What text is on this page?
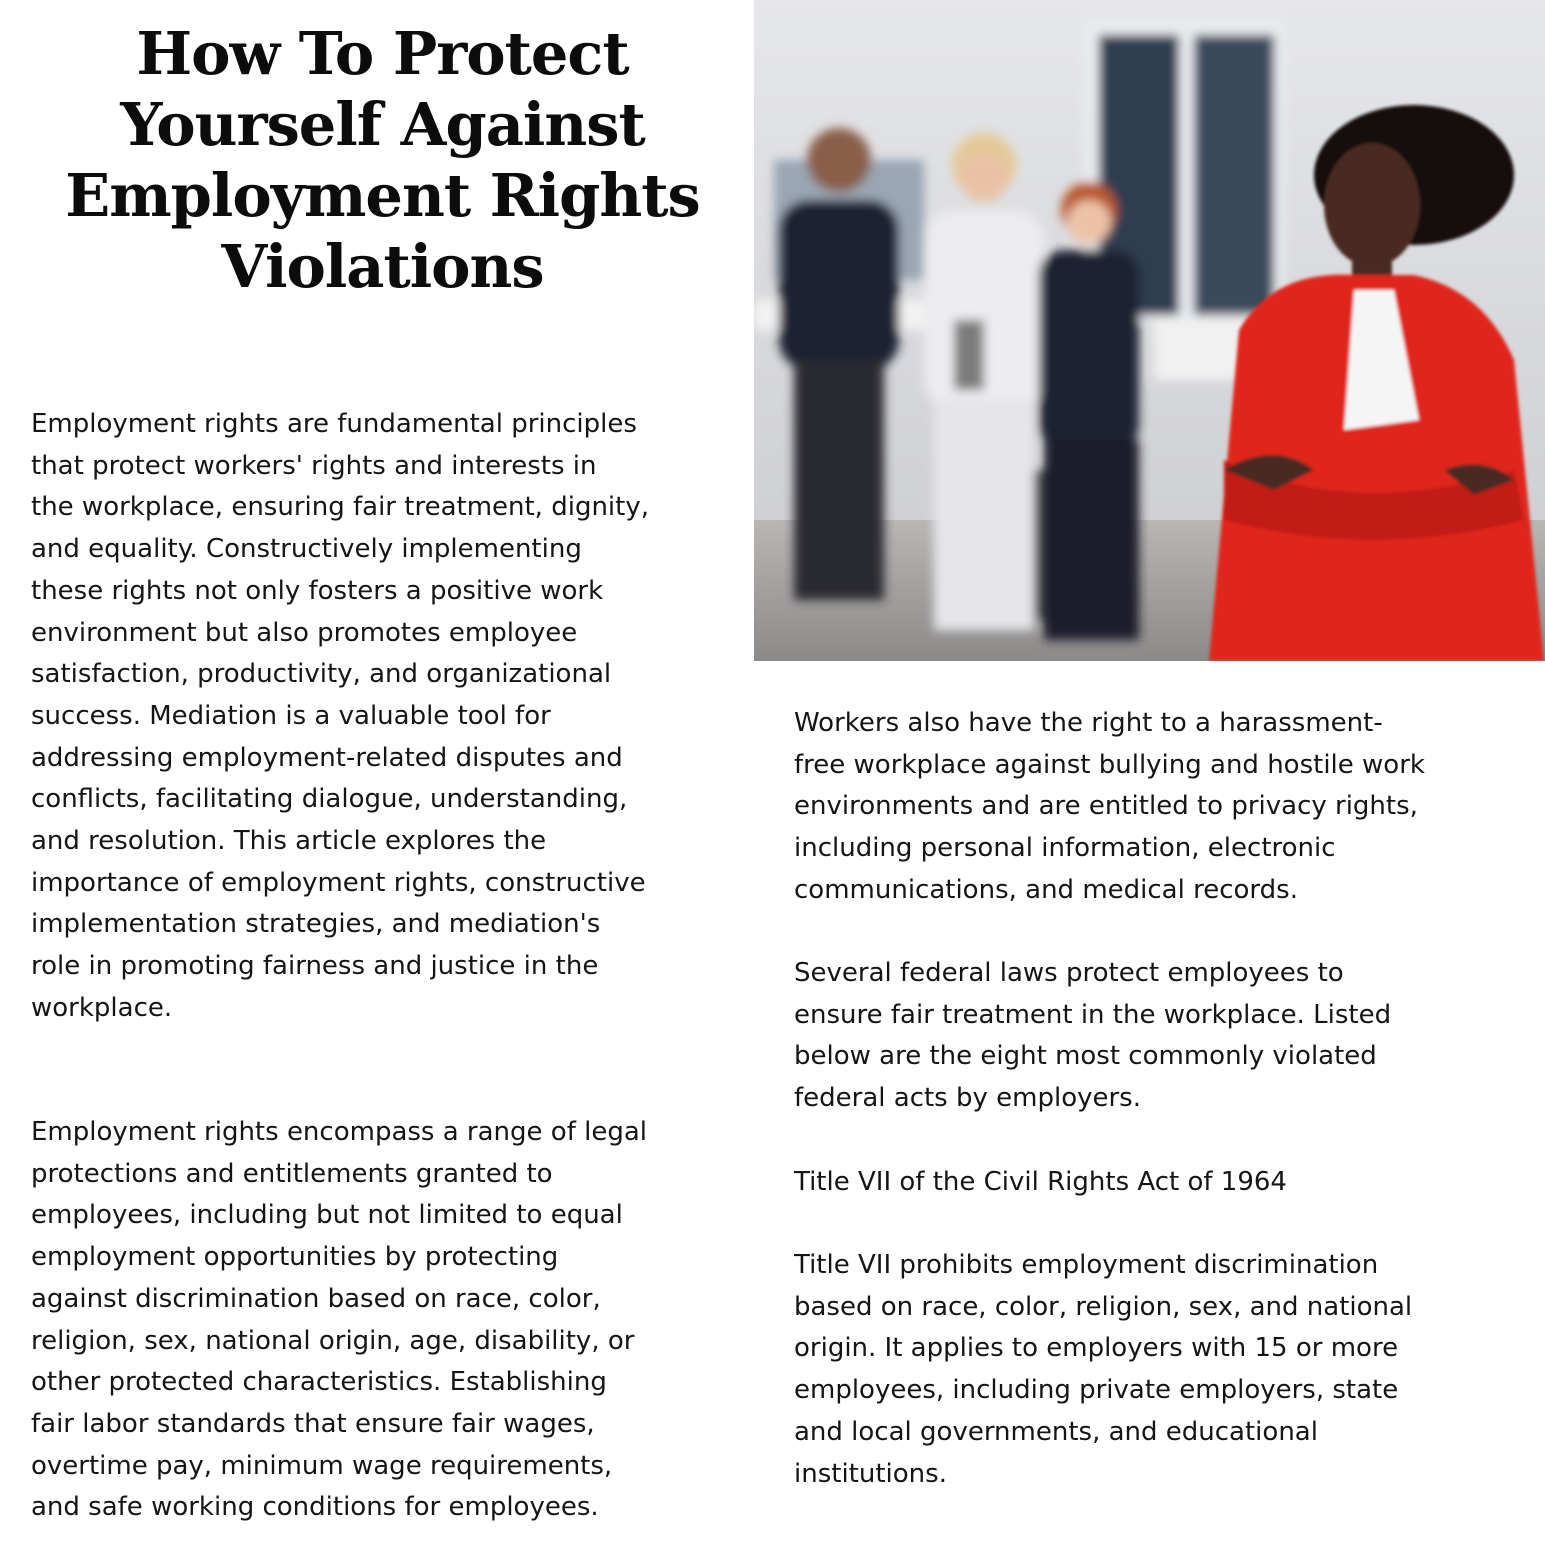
How To Protect
Yourself Against
Employment Rights
Violations

Employment rights are fundamental principles
that protect workers' rights and interests in
the workplace, ensuring fair treatment, dignity,
and equality. Constructively implementing
these rights not only fosters a positive work
environment but also promotes employee
satisfaction, productivity, and organizational
success. Mediation is a valuable tool for
addressing employment-related disputes and
conflicts, facilitating dialogue, understanding,
and resolution. This article explores the
importance of employment rights, constructive
implementation strategies, and mediation's
role in promoting fairness and justice in the
workplace.

Employment rights encompass a range of legal
protections and entitlements granted to
employees, including but not limited to equal
employment opportunities by protecting
against discrimination based on race, color,
religion, sex, national origin, age, disability, or
other protected characteristics. Establishing
fair labor standards that ensure fair wages,
overtime pay, minimum wage requirements,
and safe working conditions for employees.

Workers also have the right to a harassment-
free workplace against bullying and hostile work
environments and are entitled to privacy rights,
including personal information, electronic
communications, and medical records.

Several federal laws protect employees to
ensure fair treatment in the workplace. Listed
below are the eight most commonly violated
federal acts by employers.

Title VII of the Civil Rights Act of 1964

Title VII prohibits employment discrimination
based on race, color, religion, sex, and national
origin. It applies to employers with 15 or more
employees, including private employers, state
and local governments, and educational
institutions.
